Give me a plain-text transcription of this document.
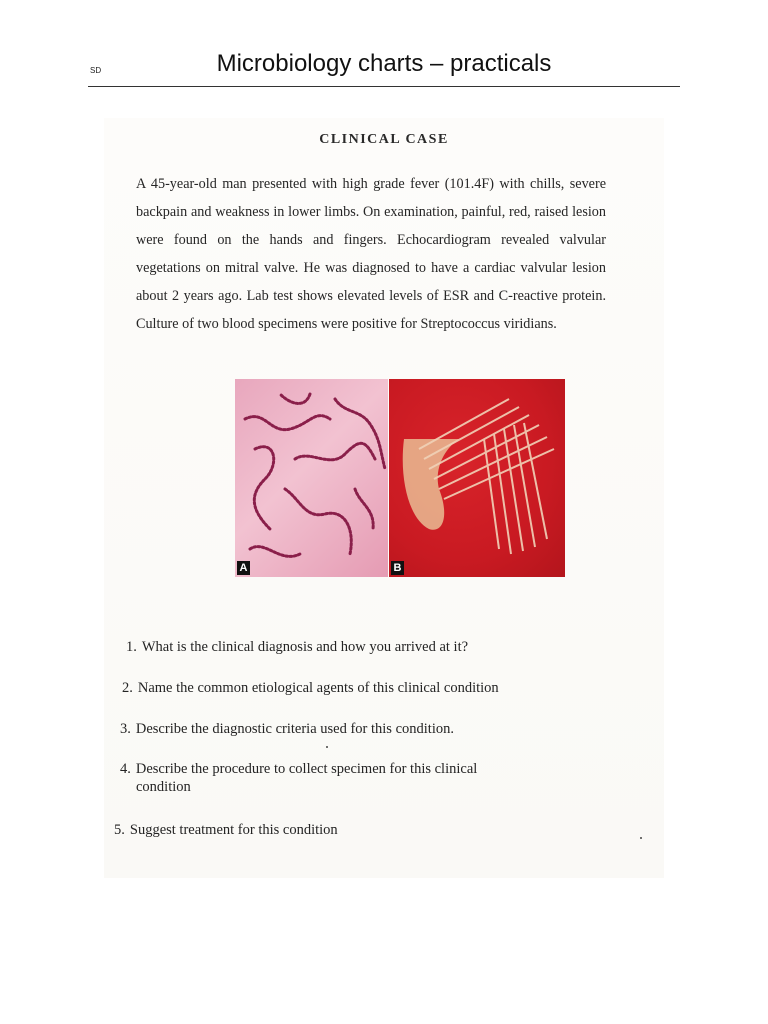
SD	Microbiology charts – practicals
CLINICAL CASE
A 45-year-old man presented with high grade fever (101.4F) with chills, severe backpain and weakness in lower limbs. On examination, painful, red, raised lesion were found on the hands and fingers. Echocardiogram revealed valvular vegetations on mitral valve. He was diagnosed to have a cardiac valvular lesion about 2 years ago. Lab test shows elevated levels of ESR and C-reactive protein. Culture of two blood specimens were positive for Streptococcus viridians.
A	B
1. What is the clinical diagnosis and how you arrived at it?
2. Name the common etiological agents of this clinical condition
3. Describe the diagnostic criteria used for this condition.
4. Describe the procedure to collect specimen for this clinical
condition
5. Suggest treatment for this condition
